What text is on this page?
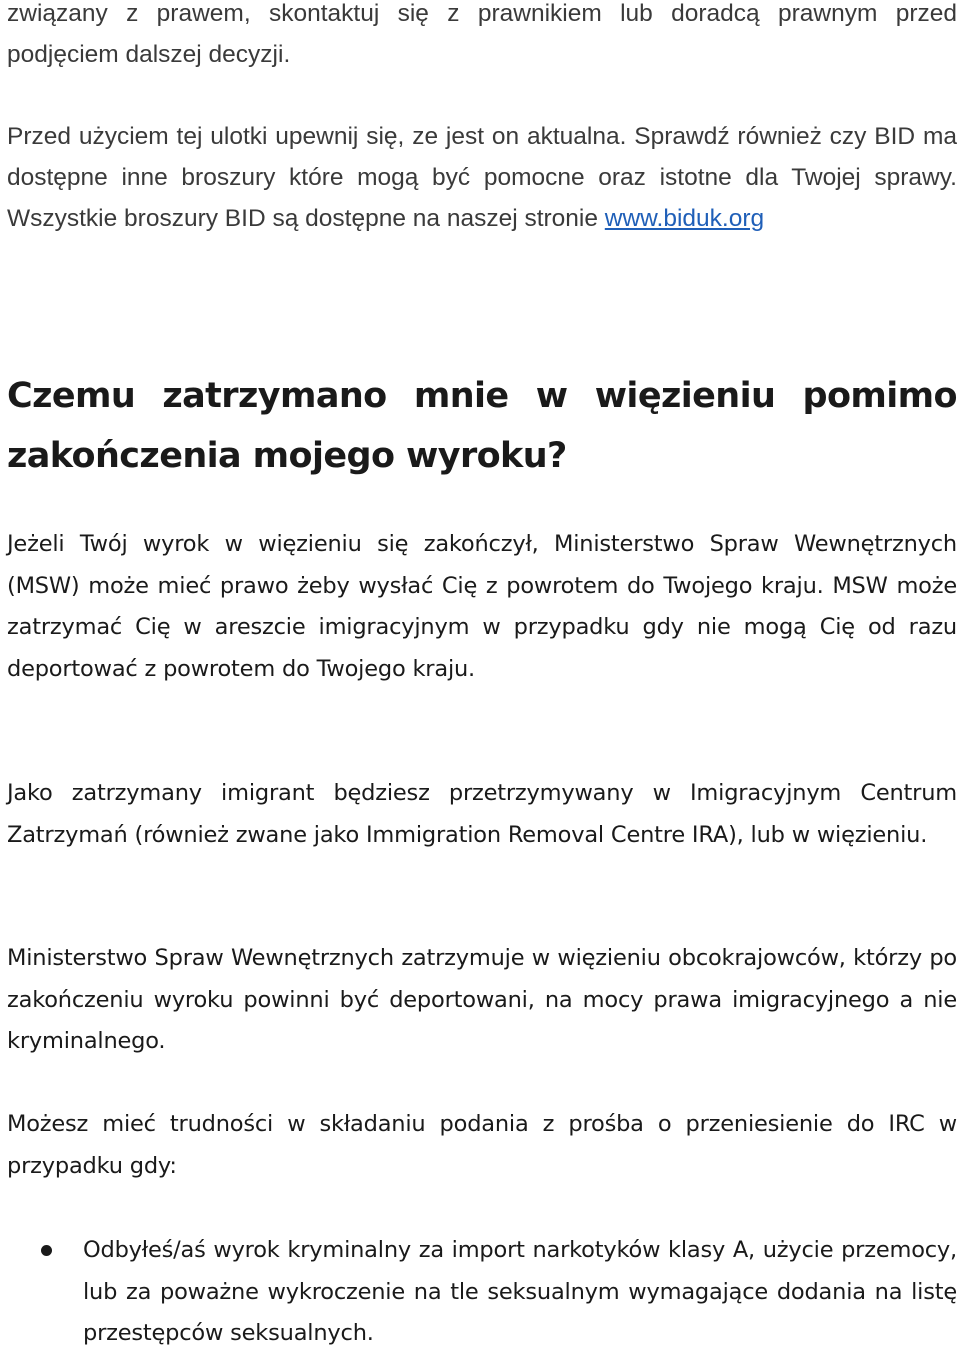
związany z prawem, skontaktuj się z prawnikiem lub doradcą prawnym przed podjęciem dalszej decyzji.

Przed użyciem tej ulotki upewnij się, ze jest on aktualna. Sprawdź również czy BID ma dostępne inne broszury które mogą być pomocne oraz istotne dla Twojej sprawy. Wszystkie broszury BID są dostępne na naszej stronie www.biduk.org

Czemu zatrzymano mnie w więzieniu pomimo zakończenia mojego wyroku?

Jeżeli Twój wyrok w więzieniu się zakończył, Ministerstwo Spraw Wewnętrznych (MSW) może mieć prawo żeby wysłać Cię z powrotem do Twojego kraju. MSW może zatrzymać Cię w areszcie imigracyjnym w przypadku gdy nie mogą Cię od razu deportować z powrotem do Twojego kraju.

Jako zatrzymany imigrant będziesz przetrzymywany w Imigracyjnym Centrum Zatrzymań (również zwane jako Immigration Removal Centre IRA), lub w więzieniu.

Ministerstwo Spraw Wewnętrznych zatrzymuje w więzieniu obcokrajowców, którzy po zakończeniu wyroku powinni być deportowani, na mocy prawa imigracyjnego a nie kryminalnego.

Możesz mieć trudności w składaniu podania z prośba o przeniesienie do IRC w przypadku gdy:

Odbyłeś/aś wyrok kryminalny za import narkotyków klasy A, użycie przemocy, lub za poważne wykroczenie na tle seksualnym wymagające dodania na listę przestępców seksualnych.
